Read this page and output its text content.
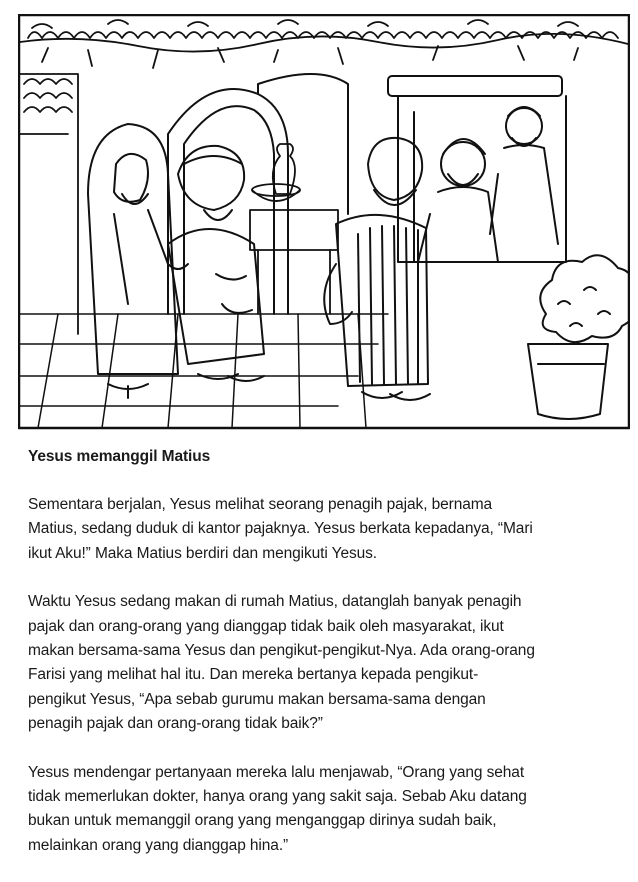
Yesus memanggil Matius
Sementara berjalan, Yesus melihat seorang penagih pajak, bernama
Matius, sedang duduk di kantor pajaknya. Yesus berkata kepadanya, “Mari
ikut Aku!” Maka Matius berdiri dan mengikuti Yesus.
Waktu Yesus sedang makan di rumah Matius, datanglah banyak penagih
pajak dan orang-orang yang dianggap tidak baik oleh masyarakat, ikut
makan bersama-sama Yesus dan pengikut-pengikut-Nya. Ada orang-orang
Farisi yang melihat hal itu. Dan mereka bertanya kepada pengikut-
pengikut Yesus, “Apa sebab gurumu makan bersama-sama dengan
penagih pajak dan orang-orang tidak baik?”
Yesus mendengar pertanyaan mereka lalu menjawab, “Orang yang sehat
tidak memerlukan dokter, hanya orang yang sakit saja. Sebab Aku datang
bukan untuk memanggil orang yang menganggap dirinya sudah baik,
melainkan orang yang dianggap hina.”
